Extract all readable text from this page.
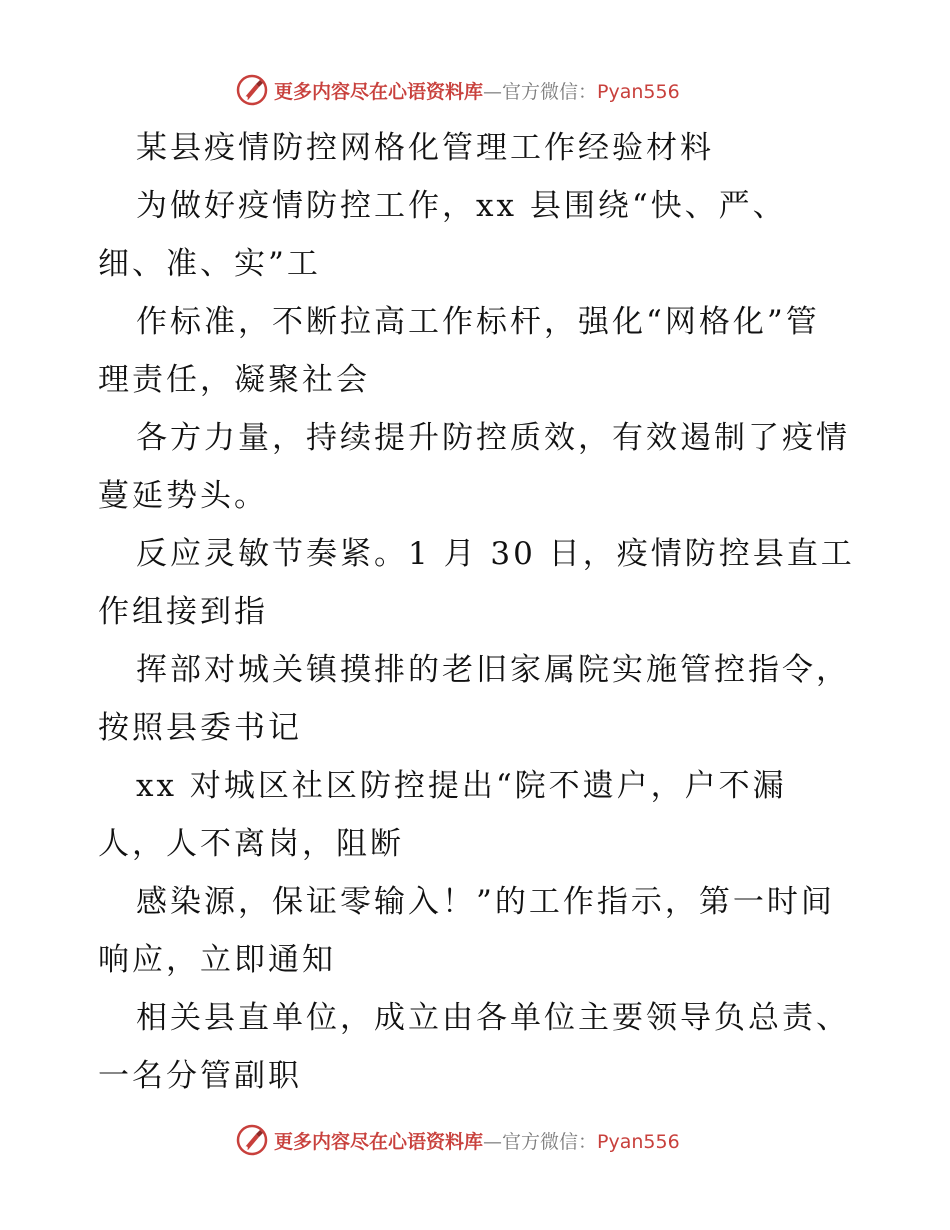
更多内容尽在心语资料库—官方微信：Pyan556
某县疫情防控网格化管理工作经验材料
为做好疫情防控工作，xx 县围绕“快、严、
细、准、实”工
作标准，不断拉高工作标杆，强化“网格化”管
理责任，凝聚社会
各方力量，持续提升防控质效，有效遏制了疫情
蔓延势头。
反应灵敏节奏紧。1 月 30 日，疫情防控县直工
作组接到指
挥部对城关镇摸排的老旧家属院实施管控指令，
按照县委书记
xx 对城区社区防控提出“院不遗户，户不漏
人，人不离岗，阻断
感染源，保证零输入！”的工作指示，第一时间
响应，立即通知
相关县直单位，成立由各单位主要领导负总责、
一名分管副职
更多内容尽在心语资料库—官方微信：Pyan556
